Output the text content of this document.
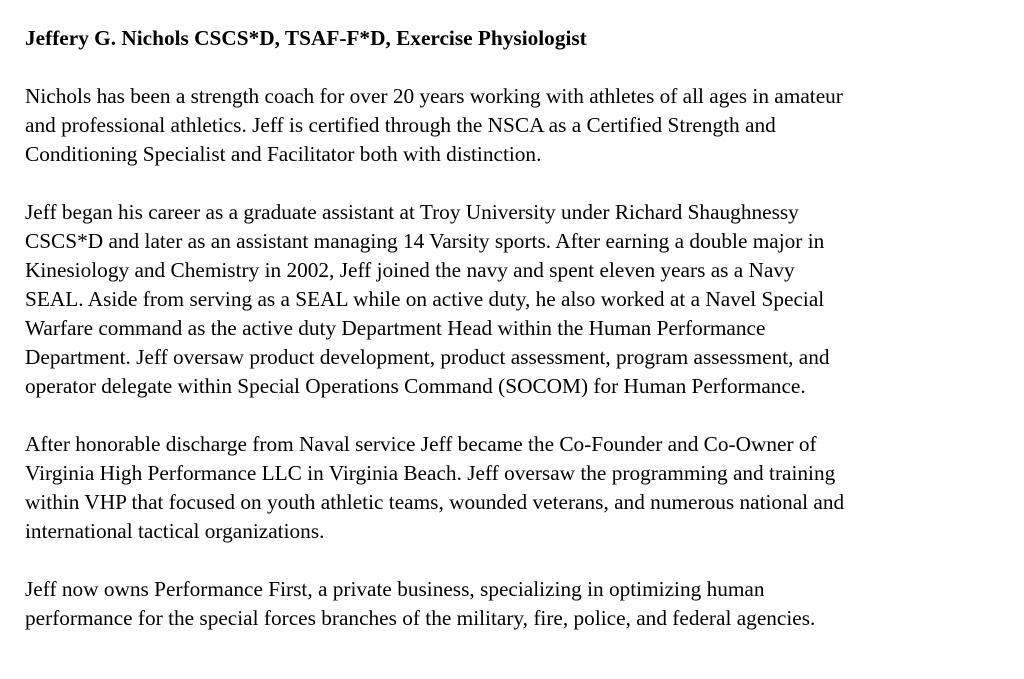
Jeffery G. Nichols CSCS*D, TSAF-F*D, Exercise Physiologist

Nichols has been a strength coach for over 20 years working with athletes of all ages in amateur
and professional athletics. Jeff is certified through the NSCA as a Certified Strength and
Conditioning Specialist and Facilitator both with distinction.

Jeff began his career as a graduate assistant at Troy University under Richard Shaughnessy
CSCS*D and later as an assistant managing 14 Varsity sports. After earning a double major in
Kinesiology and Chemistry in 2002, Jeff joined the navy and spent eleven years as a Navy
SEAL. Aside from serving as a SEAL while on active duty, he also worked at a Navel Special
Warfare command as the active duty Department Head within the Human Performance
Department. Jeff oversaw product development, product assessment, program assessment, and
operator delegate within Special Operations Command (SOCOM) for Human Performance.

After honorable discharge from Naval service Jeff became the Co-Founder and Co-Owner of
Virginia High Performance LLC in Virginia Beach. Jeff oversaw the programming and training
within VHP that focused on youth athletic teams, wounded veterans, and numerous national and
international tactical organizations.

Jeff now owns Performance First, a private business, specializing in optimizing human
performance for the special forces branches of the military, fire, police, and federal agencies.
